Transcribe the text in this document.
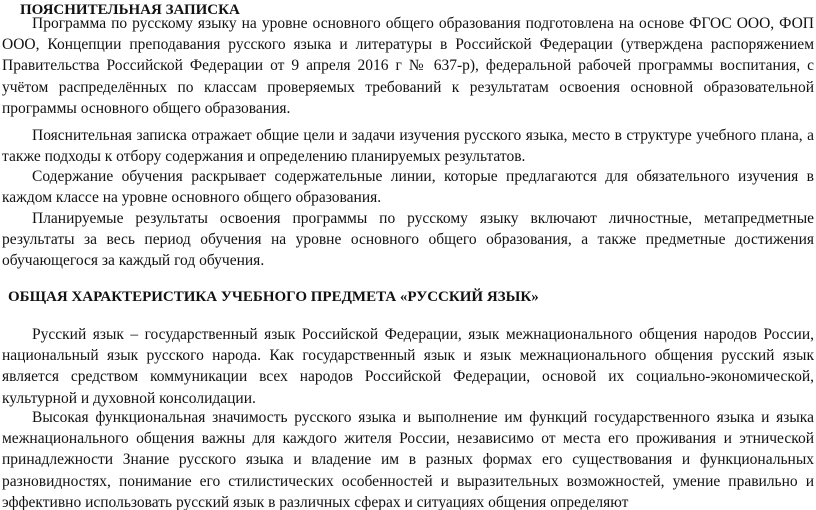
ПОЯСНИТЕЛЬНАЯ ЗАПИСКА

Программа по русскому языку на уровне основного общего образования подготовлена на основе ФГОС ООО, ФОП ООО, Концепции преподавания русского языка и литературы в Российской Федерации (утверждена распоряжением Правительства Российской Федерации от 9 апреля 2016 г № 637-р), федеральной рабочей программы воспитания, с учётом распределённых по классам проверяемых требований к результатам освоения основной образовательной программы основного общего образования.

Пояснительная записка отражает общие цели и задачи изучения русского языка, место в структуре учебного плана, а также подходы к отбору содержания и определению планируемых результатов.

Содержание обучения раскрывает содержательные линии, которые предлагаются для обязательного изучения в каждом классе на уровне основного общего образования.

Планируемые результаты освоения программы по русскому языку включают личностные, метапредметные результаты за весь период обучения на уровне основного общего образования, а также предметные достижения обучающегося за каждый год обучения.

ОБЩАЯ ХАРАКТЕРИСТИКА УЧЕБНОГО ПРЕДМЕТА «РУССКИЙ ЯЗЫК»

Русский язык – государственный язык Российской Федерации, язык межнационального общения народов России, национальный язык русского народа. Как государственный язык и язык межнационального общения русский язык является средством коммуникации всех народов Российской Федерации, основой их социально-экономической, культурной и духовной консолидации.

Высокая функциональная значимость русского языка и выполнение им функций государственного языка и языка межнационального общения важны для каждого жителя России, независимо от места его проживания и этнической принадлежности Знание русского языка и владение им в разных формах его существования и функциональных разновидностях, понимание его стилистических особенностей и выразительных возможностей, умение правильно и эффективно использовать русский язык в различных сферах и ситуациях общения определяют
